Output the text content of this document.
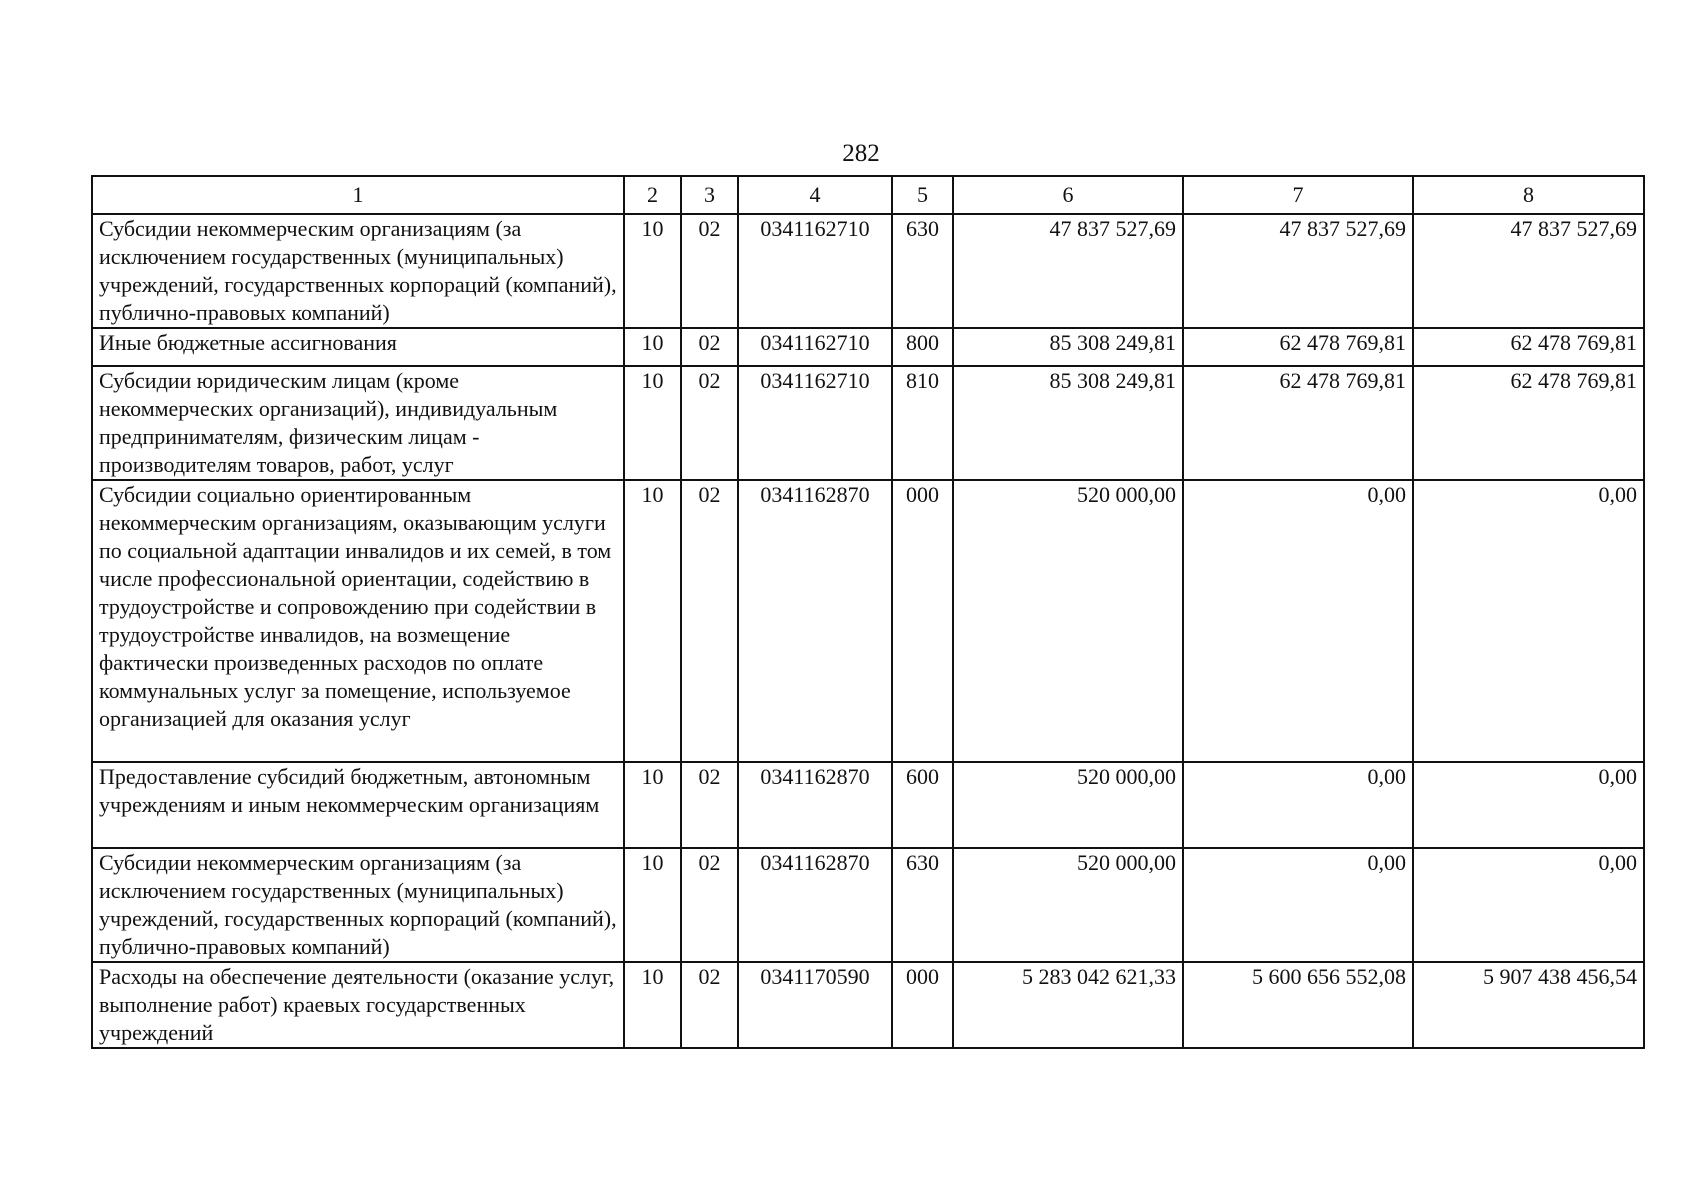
282
1	2	3	4	5	6	7	8
Субсидии некоммерческим организациям (за исключением государственных (муниципальных) учреждений, государственных корпораций (компаний), публично-правовых компаний)	10	02	0341162710	630	47 837 527,69	47 837 527,69	47 837 527,69
Иные бюджетные ассигнования	10	02	0341162710	800	85 308 249,81	62 478 769,81	62 478 769,81
Субсидии юридическим лицам (кроме некоммерческих организаций), индивидуальным предпринимателям, физическим лицам - производителям товаров, работ, услуг	10	02	0341162710	810	85 308 249,81	62 478 769,81	62 478 769,81
Субсидии социально ориентированным некоммерческим организациям, оказывающим услуги по социальной адаптации инвалидов и их семей, в том числе профессиональной ориентации, содействию в трудоустройстве и сопровождению при содействии в трудоустройстве инвалидов, на возмещение фактически произведенных расходов по оплате коммунальных услуг за помещение, используемое организацией для оказания услуг	10	02	0341162870	000	520 000,00	0,00	0,00
Предоставление субсидий бюджетным, автономным учреждениям и иным некоммерческим организациям	10	02	0341162870	600	520 000,00	0,00	0,00
Субсидии некоммерческим организациям (за исключением государственных (муниципальных) учреждений, государственных корпораций (компаний), публично-правовых компаний)	10	02	0341162870	630	520 000,00	0,00	0,00
Расходы на обеспечение деятельности (оказание услуг, выполнение работ) краевых государственных учреждений	10	02	0341170590	000	5 283 042 621,33	5 600 656 552,08	5 907 438 456,54
